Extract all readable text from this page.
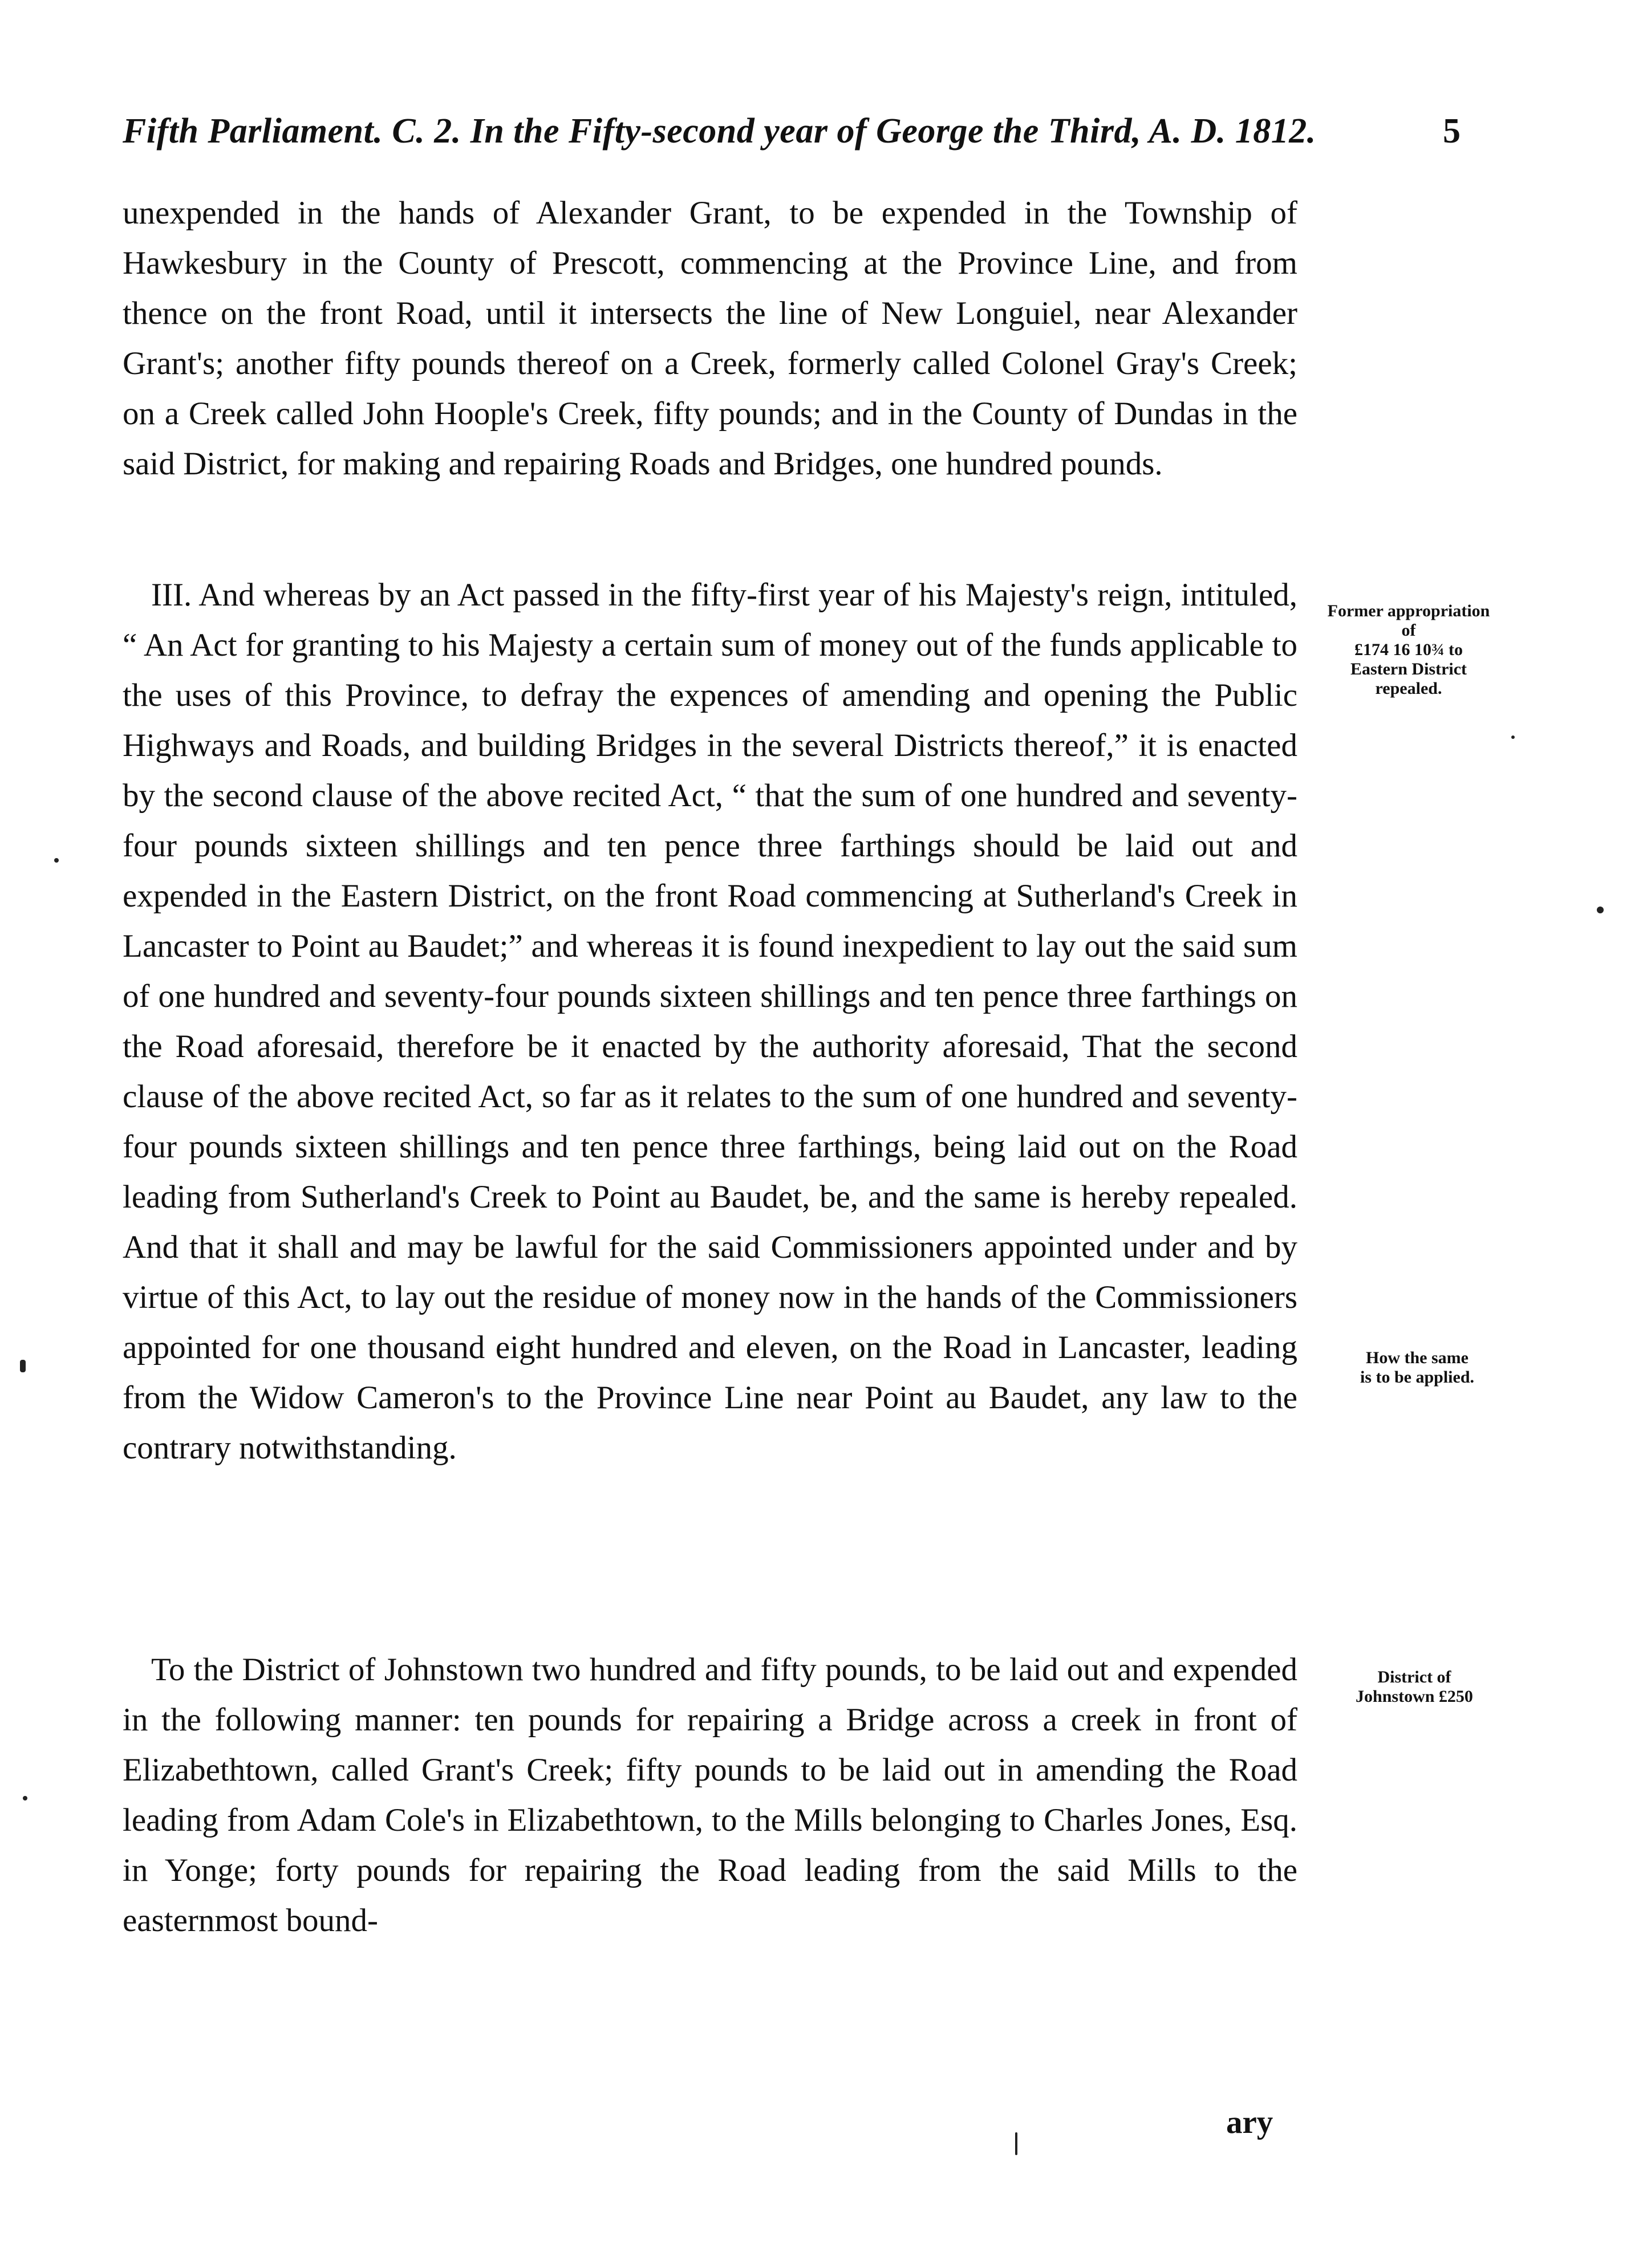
Fifth Parliament. C. 2. In the Fifty-second year of George the Third, A. D. 1812.	5
unexpended in the hands of Alexander Grant, to be expended in the Township of Hawkesbury in the County of Prescott, commencing at the Province Line, and from thence on the front Road, until it intersects the line of New Longuiel, near Alexander Grant's; another fifty pounds thereof on a Creek, formerly called Colonel Gray's Creek; on a Creek called John Hoople's Creek, fifty pounds; and in the County of Dundas in the said District, for making and repairing Roads and Bridges, one hundred pounds.
III. And whereas by an Act passed in the fifty-first year of his Majesty's reign, intituled, “ An Act for granting to his Majesty a certain sum of money out of the funds applicable to the uses of this Province, to defray the expences of amending and opening the Public Highways and Roads, and building Bridges in the several Districts thereof,” it is enacted by the second clause of the above recited Act, “ that the sum of one hundred and seventy-four pounds sixteen shillings and ten pence three farthings should be laid out and expended in the Eastern District, on the front Road commencing at Sutherland's Creek in Lancaster to Point au Baudet;” and whereas it is found inexpedient to lay out the said sum of one hundred and seventy-four pounds sixteen shillings and ten pence three farthings on the Road aforesaid, therefore be it enacted by the authority aforesaid, That the second clause of the above recited Act, so far as it relates to the sum of one hundred and seventy-four pounds sixteen shillings and ten pence three farthings, being laid out on the Road leading from Sutherland's Creek to Point au Baudet, be, and the same is hereby repealed. And that it shall and may be lawful for the said Commissioners appointed under and by virtue of this Act, to lay out the residue of money now in the hands of the Commissioners appointed for one thousand eight hundred and eleven, on the Road in Lancaster, leading from the Widow Cameron's to the Province Line near Point au Baudet, any law to the contrary notwithstanding.
To the District of Johnstown two hundred and fifty pounds, to be laid out and expended in the following manner: ten pounds for repairing a Bridge across a creek in front of Elizabethtown, called Grant's Creek; fifty pounds to be laid out in amending the Road leading from Adam Cole's in Elizabethtown, to the Mills belonging to Charles Jones, Esq. in Yonge; forty pounds for repairing the Road leading from the said Mills to the easternmost bound-
Former appropriation of
£174 16 10¾ to
Eastern District
repealed.
How the same
is to be applied.
District of
Johnstown £250
ary
